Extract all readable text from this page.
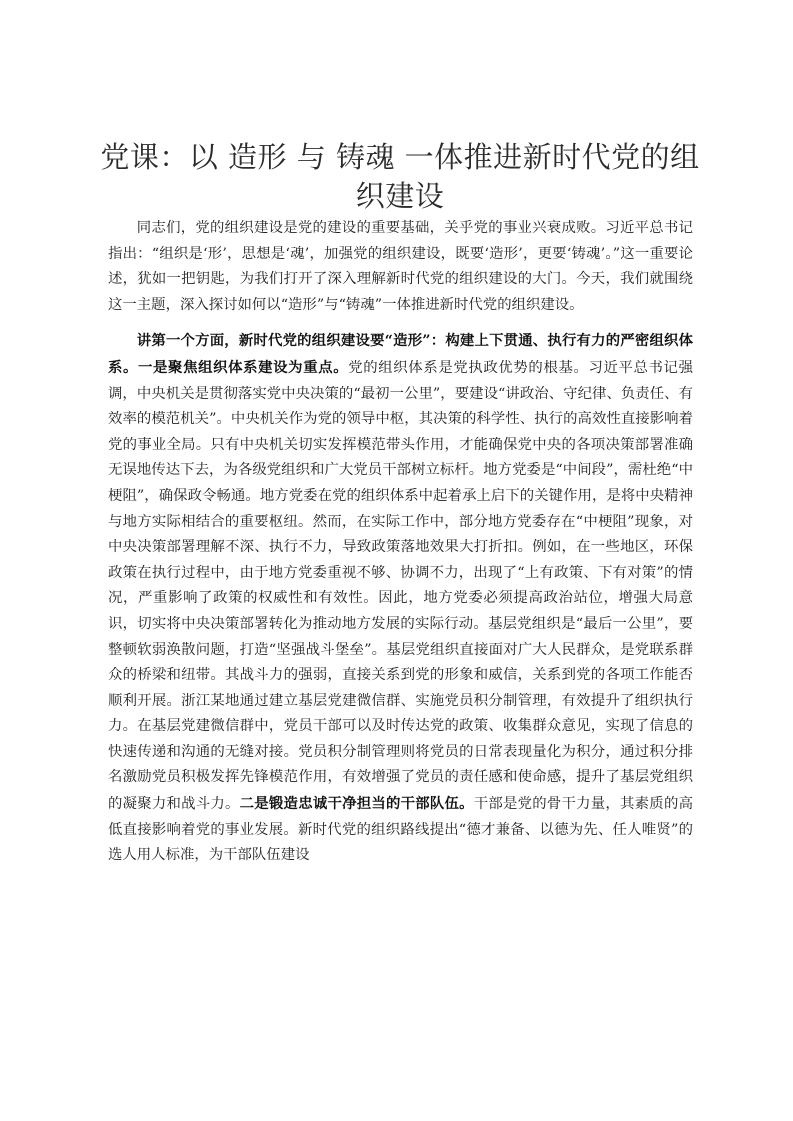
党课：以 造形 与 铸魂 一体推进新时代党的组织建设

同志们，党的组织建设是党的建设的重要基础，关乎党的事业兴衰成败。习近平总书记指出：“组织是‘形’，思想是‘魂’，加强党的组织建设，既要‘造形’，更要‘铸魂’。”这一重要论述，犹如一把钥匙，为我们打开了深入理解新时代党的组织建设的大门。今天，我们就围绕这一主题，深入探讨如何以“造形”与“铸魂”一体推进新时代党的组织建设。

讲第一个方面，新时代党的组织建设要“造形”：构建上下贯通、执行有力的严密组织体系。一是聚焦组织体系建设为重点。党的组织体系是党执政优势的根基。习近平总书记强调，中央机关是贯彻落实党中央决策的“最初一公里”，要建设“讲政治、守纪律、负责任、有效率的模范机关”。中央机关作为党的领导中枢，其决策的科学性、执行的高效性直接影响着党的事业全局。只有中央机关切实发挥模范带头作用，才能确保党中央的各项决策部署准确无误地传达下去，为各级党组织和广大党员干部树立标杆。地方党委是“中间段”，需杜绝“中梗阻”，确保政令畅通。地方党委在党的组织体系中起着承上启下的关键作用，是将中央精神与地方实际相结合的重要枢纽。然而，在实际工作中，部分地方党委存在“中梗阻”现象，对中央决策部署理解不深、执行不力，导致政策落地效果大打折扣。例如，在一些地区，环保政策在执行过程中，由于地方党委重视不够、协调不力，出现了“上有政策、下有对策”的情况，严重影响了政策的权威性和有效性。因此，地方党委必须提高政治站位，增强大局意识，切实将中央决策部署转化为推动地方发展的实际行动。基层党组织是“最后一公里”，要整顿软弱涣散问题，打造“坚强战斗堡垒”。基层党组织直接面对广大人民群众，是党联系群众的桥梁和纽带。其战斗力的强弱，直接关系到党的形象和威信，关系到党的各项工作能否顺利开展。浙江某地通过建立基层党建微信群、实施党员积分制管理，有效提升了组织执行力。在基层党建微信群中，党员干部可以及时传达党的政策、收集群众意见，实现了信息的快速传递和沟通的无缝对接。党员积分制管理则将党员的日常表现量化为积分，通过积分排名激励党员积极发挥先锋模范作用，有效增强了党员的责任感和使命感，提升了基层党组织的凝聚力和战斗力。二是锻造忠诚干净担当的干部队伍。干部是党的骨干力量，其素质的高低直接影响着党的事业发展。新时代党的组织路线提出“德才兼备、以德为先、任人唯贤”的选人用人标准，为干部队伍建设
